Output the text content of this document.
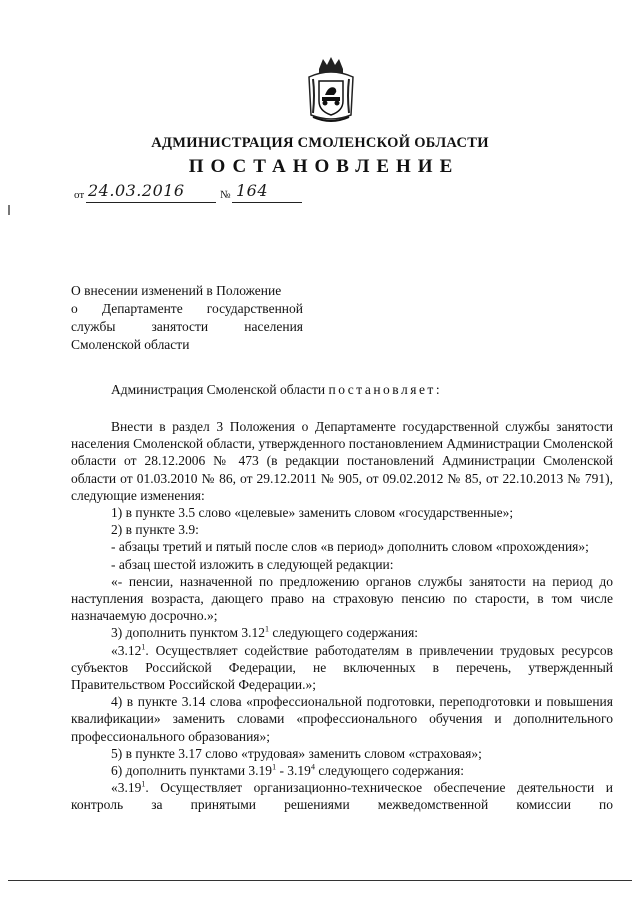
АДМИНИСТРАЦИЯ СМОЛЕНСКОЙ ОБЛАСТИ
ПОСТАНОВЛЕНИЕ
от 24.03.2016	№ 164
О внесении изменений в Положение
о Департаменте государственной
службы занятости населения
Смоленской области

Администрация Смоленской области постановляет:

Внести в раздел 3 Положения о Департаменте государственной службы занятости населения Смоленской области, утвержденного постановлением Администрации Смоленской области от 28.12.2006 № 473 (в редакции постановлений Администрации Смоленской области от 01.03.2010 № 86, от 29.12.2011 № 905, от 09.02.2012 № 85, от 22.10.2013 № 791), следующие изменения:

1) в пункте 3.5 слово «целевые» заменить словом «государственные»;

2) в пункте 3.9:

- абзацы третий и пятый после слов «в период» дополнить словом «прохождения»;

- абзац шестой изложить в следующей редакции:

«- пенсии, назначенной по предложению органов службы занятости на период до наступления возраста, дающего право на страховую пенсию по старости, в том числе назначаемую досрочно.»;

3) дополнить пунктом 3.12$^1$ следующего содержания:

«3.12$^1$. Осуществляет содействие работодателям в привлечении трудовых ресурсов субъектов Российской Федерации, не включенных в перечень, утвержденный Правительством Российской Федерации.»;

4) в пункте 3.14 слова «профессиональной подготовки, переподготовки и повышения квалификации» заменить словами «профессионального обучения и дополнительного профессионального образования»;

5) в пункте 3.17 слово «трудовая» заменить словом «страховая»;

6) дополнить пунктами 3.19$^1$ - 3.19$^4$ следующего содержания:

«3.19$^1$. Осуществляет организационно-техническое обеспечение деятельности и контроль за принятыми решениями межведомственной комиссии по
